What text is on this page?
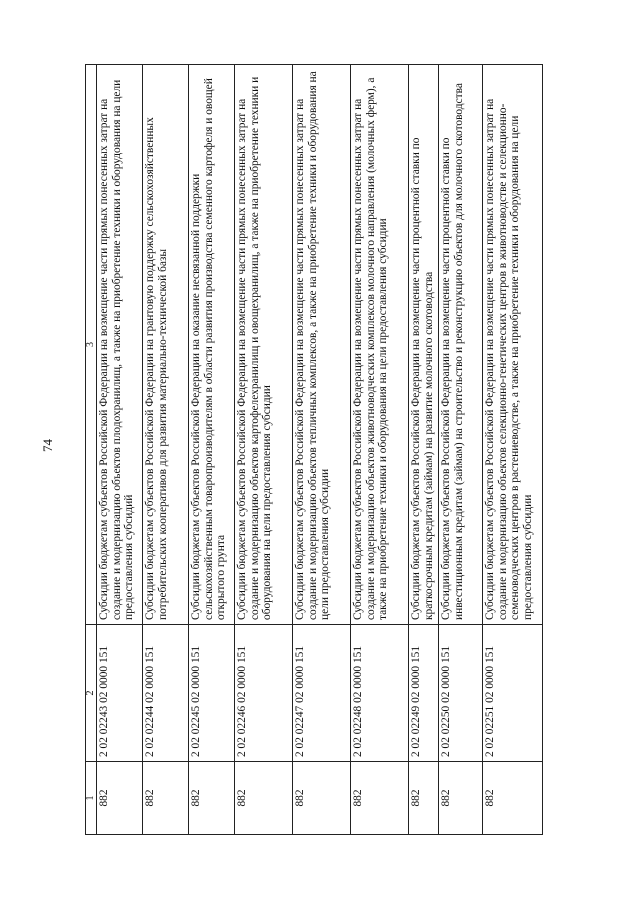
74
1	2	3
882	2 02 02243 02 0000 151	Субсидии бюджетам субъектов Российской Федерации на возмещение части прямых понесенных затрат на создание и модернизацию объектов плодохранилищ, а также на приобретение техники и оборудования на цели предоставления субсидий
882	2 02 02244 02 0000 151	Субсидии бюджетам субъектов Российской Федерации на грантовую поддержку сельскохозяйственных потребительских кооперативов для развития материально-технической базы
882	2 02 02245 02 0000 151	Субсидии бюджетам субъектов Российской Федерации на оказание несвязанной поддержки сельскохозяйственным товаропроизводителям в области развития производства семенного картофеля и овощей открытого грунта
882	2 02 02246 02 0000 151	Субсидии бюджетам субъектов Российской Федерации на возмещение части прямых понесенных затрат на создание и модернизацию объектов картофелехранилищ и овощехранилищ, а также на приобретение техники и оборудования на цели предоставления субсидии
882	2 02 02247 02 0000 151	Субсидии бюджетам субъектов Российской Федерации на возмещение части прямых понесенных затрат на создание и модернизацию объектов тепличных комплексов, а также на приобретение техники и оборудования на цели предоставления субсидии
882	2 02 02248 02 0000 151	Субсидии бюджетам субъектов Российской Федерации на возмещение части прямых понесенных затрат на создание и модернизацию объектов животноводческих комплексов молочного направления (молочных ферм), а также на приобретение техники и оборудования на цели предоставления субсидии
882	2 02 02249 02 0000 151	Субсидии бюджетам субъектов Российской Федерации на возмещение части процентной ставки по краткосрочным кредитам (займам) на развитие молочного скотоводства
882	2 02 02250 02 0000 151	Субсидии бюджетам субъектов Российской Федерации на возмещение части процентной ставки по инвестиционным кредитам (займам) на строительство и реконструкцию объектов для молочного скотоводства
882	2 02 02251 02 0000 151	Субсидии бюджетам субъектов Российской Федерации на возмещение части прямых понесенных затрат на создание и модернизацию объектов селекционно-генетических центров в животноводстве и селекционно-семеноводческих центров в растениеводстве, а также на приобретение техники и оборудования на цели предоставления субсидии
